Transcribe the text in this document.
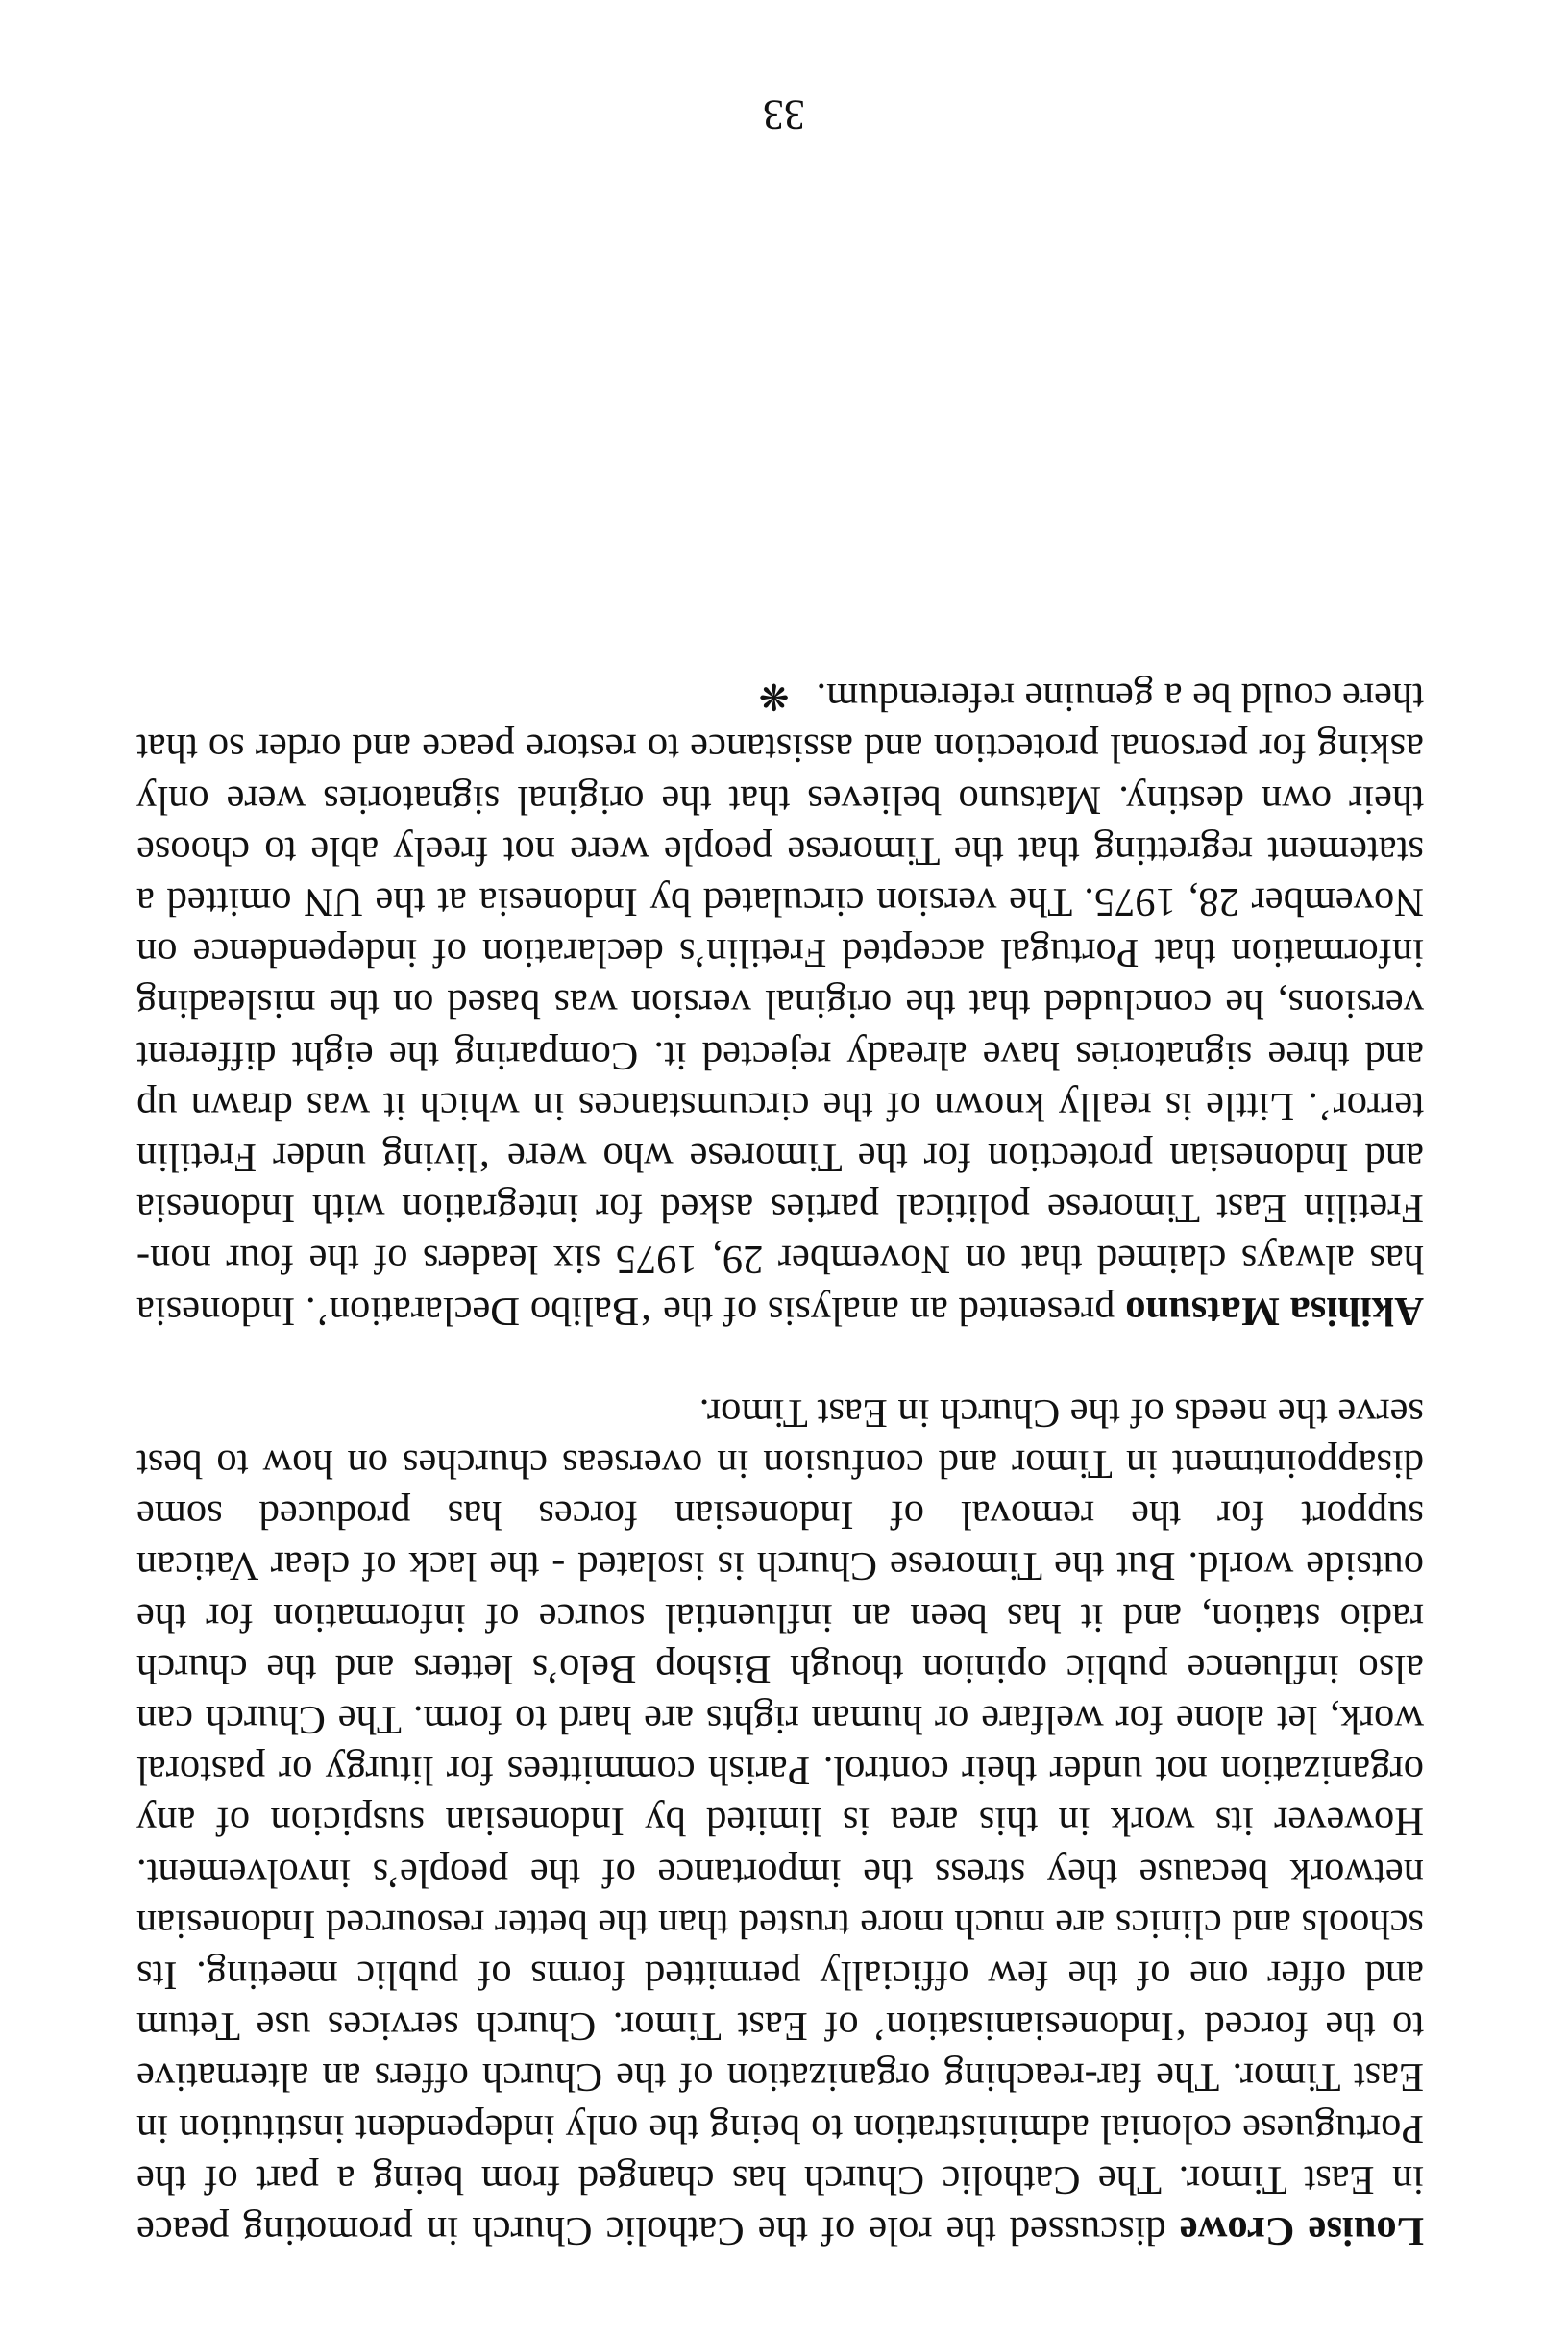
Louise Crowe discussed the role of the Catholic Church in promoting peace in East Timor. The Catholic Church has changed from being a part of the Portuguese colonial administration to being the only independent institution in East Timor. The far-reaching organization of the Church offers an alternative to the forced ‘Indonesianisation’ of East Timor. Church services use Tetum and offer one of the few officially permitted forms of public meeting. Its schools and clinics are much more trusted than the better resourced Indonesian network because they stress the importance of the people’s involvement. However its work in this area is limited by Indonesian suspicion of any organization not under their control. Parish committees for liturgy or pastoral work, let alone for welfare or human rights are hard to form. The Church can also influence public opinion though Bishop Belo’s letters and the church radio station, and it has been an influential source of information for the outside world. But the Timorese Church is isolated - the lack of clear Vatican support for the removal of Indonesian forces has produced some disappointment in Timor and confusion in overseas churches on how to best serve the needs of the Church in East Timor.

Akihisa Matsuno presented an analysis of the ‘Balibo Declaration’. Indonesia has always claimed that on November 29, 1975 six leaders of the four non-Fretilin East Timorese political parties asked for integration with Indonesia and Indonesian protection for the Timorese who were ‘living under Fretilin terror’. Little is really known of the circumstances in which it was drawn up and three signatories have already rejected it. Comparing the eight different versions, he concluded that the original version was based on the misleading information that Portugal accepted Fretilin’s declaration of independence on November 28, 1975. The version circulated by Indonesia at the UN omitted a statement regretting that the Timorese people were not freely able to choose their own destiny. Matsuno believes that the original signatories were only asking for personal protection and assistance to restore peace and order so that there could be a genuine referendum.❋

33
